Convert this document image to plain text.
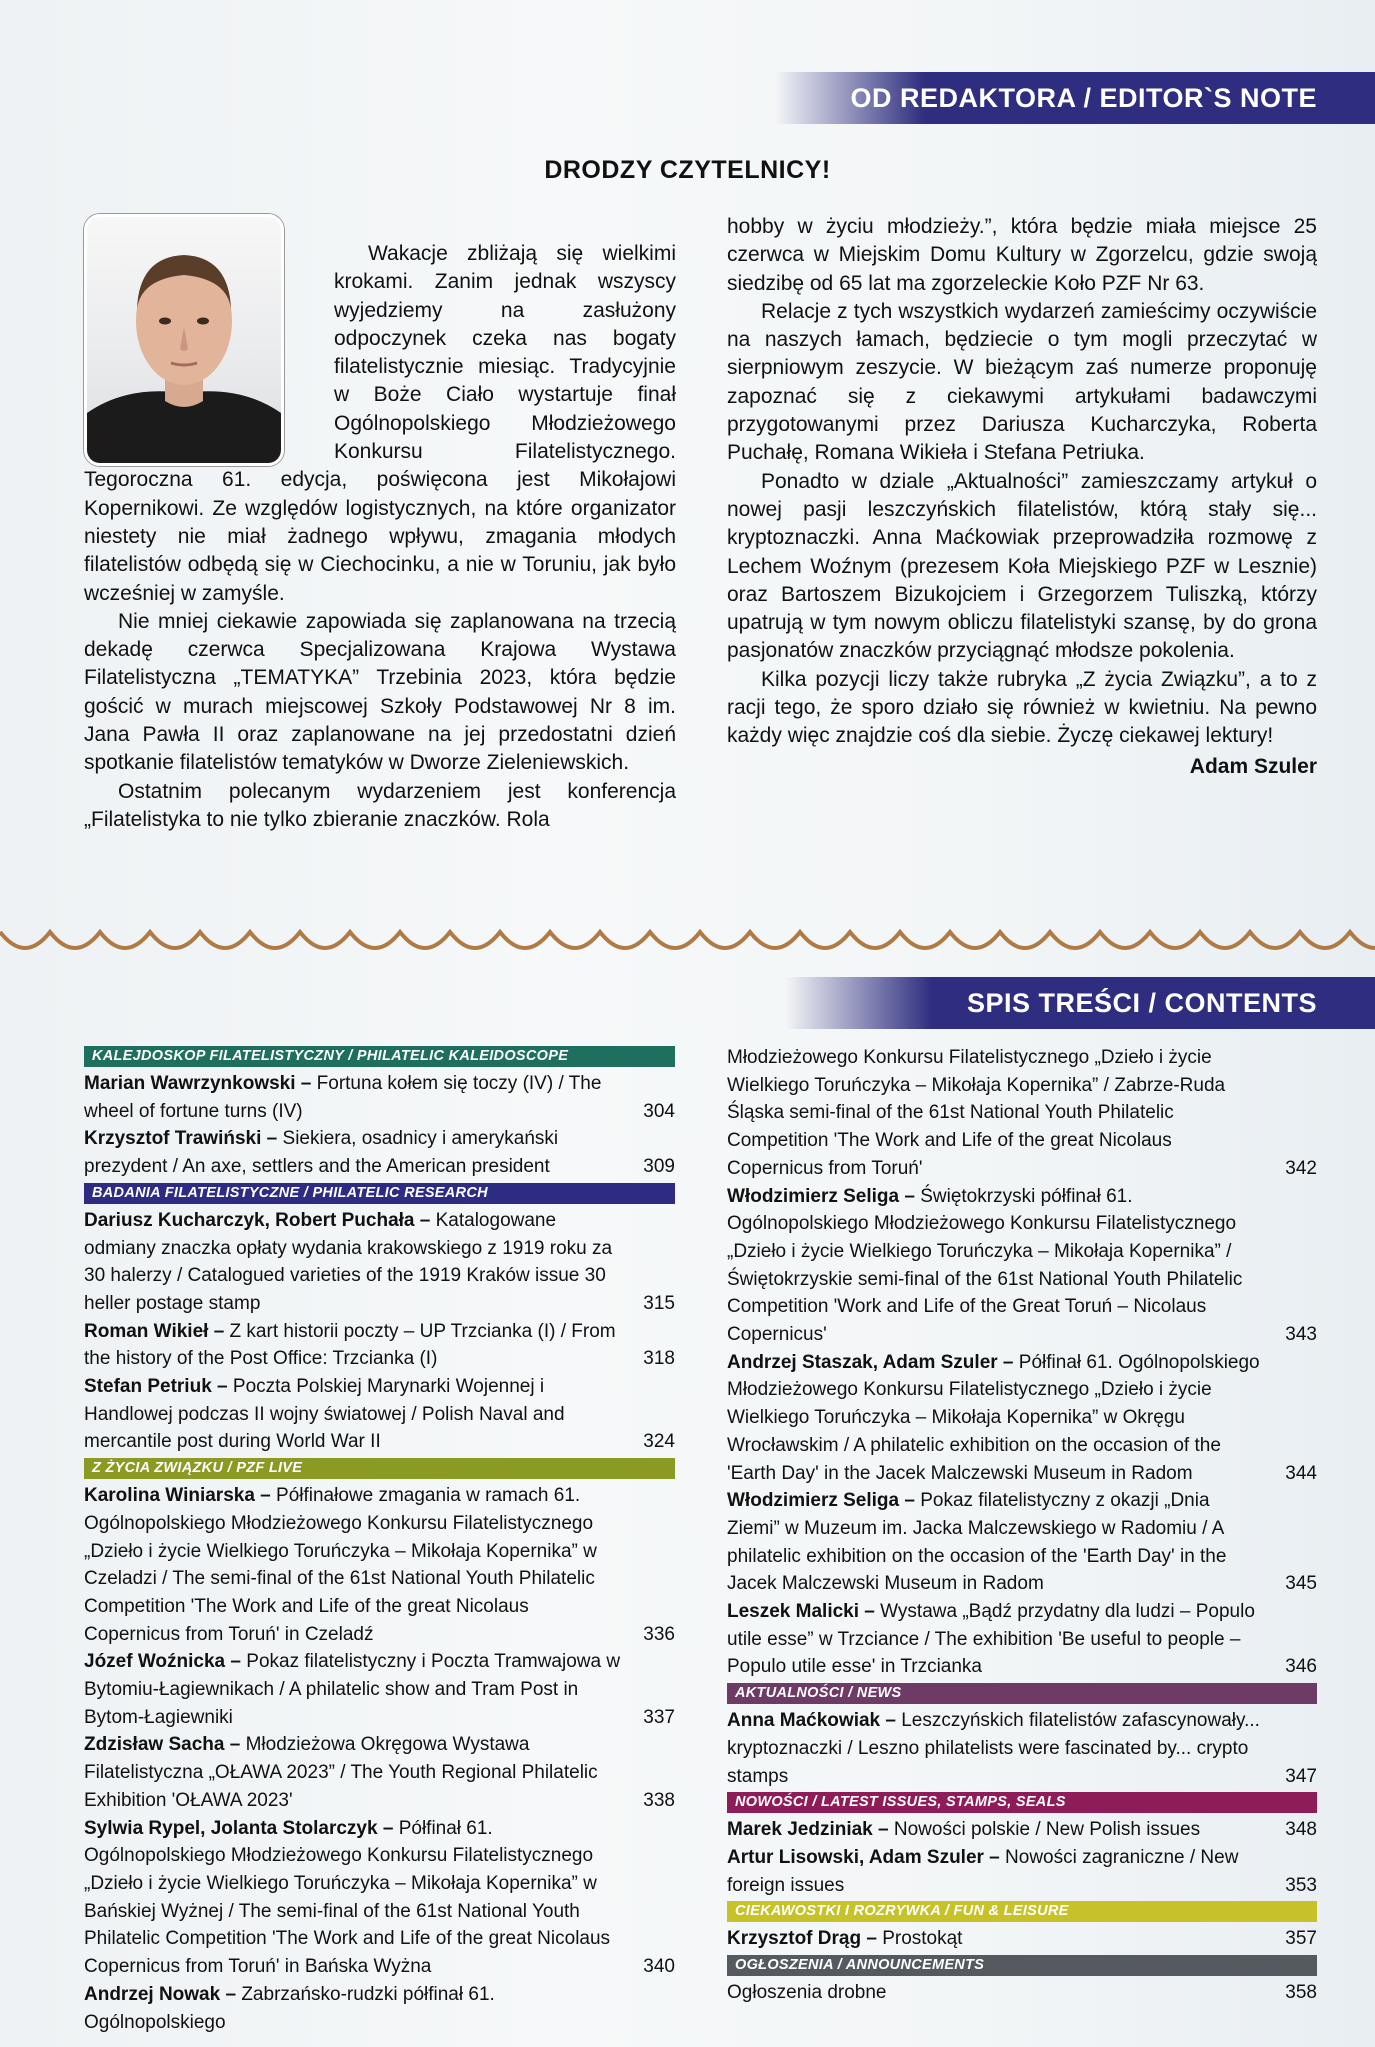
OD REDAKTORA / EDITOR`S NOTE
DRODZY CZYTELNICY!

Wakacje zbliżają się wielkimi krokami. Zanim jednak wszyscy wyjedziemy na zasłużony odpoczynek czeka nas bogaty filatelistycznie miesiąc. Tradycyjnie w Boże Ciało wystartuje finał Ogólnopolskiego Młodzieżowego Konkursu Filatelistycznego. Tegoroczna 61. edycja, poświęcona jest Mikołajowi Kopernikowi. Ze względów logistycznych, na które organizator niestety nie miał żadnego wpływu, zmagania młodych filatelistów odbędą się w Ciechocinku, a nie w Toruniu, jak było wcześniej w zamyśle.

Nie mniej ciekawie zapowiada się zaplanowana na trzecią dekadę czerwca Specjalizowana Krajowa Wystawa Filatelistyczna „TEMATYKA” Trzebinia 2023, która będzie gościć w murach miejscowej Szkoły Podstawowej Nr 8 im. Jana Pawła II oraz zaplanowane na jej przedostatni dzień spotkanie filatelistów tematyków w Dworze Zieleniewskich.

Ostatnim polecanym wydarzeniem jest konferencja „Filatelistyka to nie tylko zbieranie znaczków. Rola

hobby w życiu młodzieży.”, która będzie miała miejsce 25 czerwca w Miejskim Domu Kultury w Zgorzelcu, gdzie swoją siedzibę od 65 lat ma zgorzeleckie Koło PZF Nr 63.

Relacje z tych wszystkich wydarzeń zamieścimy oczywiście na naszych łamach, będziecie o tym mogli przeczytać w sierpniowym zeszycie. W bieżącym zaś numerze proponuję zapoznać się z ciekawymi artykułami badawczymi przygotowanymi przez Dariusza Kucharczyka, Roberta Puchałę, Romana Wikieła i Stefana Petriuka.

Ponadto w dziale „Aktualności” zamieszczamy artykuł o nowej pasji leszczyńskich filatelistów, którą stały się... kryptoznaczki. Anna Maćkowiak przeprowadziła rozmowę z Lechem Woźnym (prezesem Koła Miejskiego PZF w Lesznie) oraz Bartoszem Bizukojciem i Grzegorzem Tuliszką, którzy upatrują w tym nowym obliczu filatelistyki szansę, by do grona pasjonatów znaczków przyciągnąć młodsze pokolenia.

Kilka pozycji liczy także rubryka „Z życia Związku”, a to z racji tego, że sporo działo się również w kwietniu. Na pewno każdy więc znajdzie coś dla siebie. Życzę ciekawej lektury!

Adam Szuler
SPIS TREŚCI / CONTENTS
KALEJDOSKOP FILATELISTYCZNY / PHILATELIC KALEIDOSCOPE
Marian Wawrzynkowski – Fortuna kołem się toczy (IV) / The wheel of fortune turns (IV)	304
Krzysztof Trawiński – Siekiera, osadnicy i amerykański prezydent / An axe, settlers and the American president	309
BADANIA FILATELISTYCZNE / PHILATELIC RESEARCH
Dariusz Kucharczyk, Robert Puchała – Katalogowane odmiany znaczka opłaty wydania krakowskiego z 1919 roku za 30 halerzy / Catalogued varieties of the 1919 Kraków issue 30 heller postage stamp	315
Roman Wikieł – Z kart historii poczty – UP Trzcianka (I) / From the history of the Post Office: Trzcianka (I)	318
Stefan Petriuk – Poczta Polskiej Marynarki Wojennej i Handlowej podczas II wojny światowej / Polish Naval and mercantile post during World War II	324
Z ŻYCIA ZWIĄZKU / PZF LIVE
Karolina Winiarska – Półfinałowe zmagania w ramach 61. Ogólnopolskiego Młodzieżowego Konkursu Filatelistycznego „Dzieło i życie Wielkiego Toruńczyka – Mikołaja Kopernika” w Czeladzi / The semi-final of the 61st National Youth Philatelic Competition 'The Work and Life of the great Nicolaus Copernicus from Toruń' in Czeladź	336
Józef Woźnicka – Pokaz filatelistyczny i Poczta Tramwajowa w Bytomiu-Łagiewnikach / A philatelic show and Tram Post in Bytom-Łagiewniki	337
Zdzisław Sacha – Młodzieżowa Okręgowa Wystawa Filatelistyczna „OŁAWA 2023” / The Youth Regional Philatelic Exhibition 'OŁAWA 2023'	338
Sylwia Rypel, Jolanta Stolarczyk – Półfinał 61. Ogólnopolskiego Młodzieżowego Konkursu Filatelistycznego „Dzieło i życie Wielkiego Toruńczyka – Mikołaja Kopernika” w Bańskiej Wyżnej / The semi-final of the 61st National Youth Philatelic Competition 'The Work and Life of the great Nicolaus Copernicus from Toruń' in Bańska Wyżna	340
Andrzej Nowak – Zabrzańsko-rudzki półfinał 61. Ogólnopolskiego
Młodzieżowego Konkursu Filatelistycznego „Dzieło i życie Wielkiego Toruńczyka – Mikołaja Kopernika” / Zabrze-Ruda Śląska semi-final of the 61st National Youth Philatelic Competition 'The Work and Life of the great Nicolaus Copernicus from Toruń'	342
Włodzimierz Seliga – Świętokrzyski półfinał 61. Ogólnopolskiego Młodzieżowego Konkursu Filatelistycznego „Dzieło i życie Wielkiego Toruńczyka – Mikołaja Kopernika” / Świętokrzyskie semi-final of the 61st National Youth Philatelic Competition 'Work and Life of the Great Toruń – Nicolaus Copernicus'	343
Andrzej Staszak, Adam Szuler – Półfinał 61. Ogólnopolskiego Młodzieżowego Konkursu Filatelistycznego „Dzieło i życie Wielkiego Toruńczyka – Mikołaja Kopernika” w Okręgu Wrocławskim / A philatelic exhibition on the occasion of the 'Earth Day' in the Jacek Malczewski Museum in Radom	344
Włodzimierz Seliga – Pokaz filatelistyczny z okazji „Dnia Ziemi” w Muzeum im. Jacka Malczewskiego w Radomiu / A philatelic exhibition on the occasion of the 'Earth Day' in the Jacek Malczewski Museum in Radom	345
Leszek Malicki – Wystawa „Bądź przydatny dla ludzi – Populo utile esse” w Trzciance / The exhibition 'Be useful to people – Populo utile esse' in Trzcianka	346
AKTUALNOŚCI / NEWS
Anna Maćkowiak – Leszczyńskich filatelistów zafascynowały... kryptoznaczki / Leszno philatelists were fascinated by... crypto stamps	347
NOWOŚCI / LATEST ISSUES, STAMPS, SEALS
Marek Jedziniak – Nowości polskie / New Polish issues	348
Artur Lisowski, Adam Szuler – Nowości zagraniczne / New foreign issues	353
CIEKAWOSTKI I ROZRYWKA / FUN & LEISURE
Krzysztof Drąg – Prostokąt	357
OGŁOSZENIA / ANNOUNCEMENTS
Ogłoszenia drobne	358
